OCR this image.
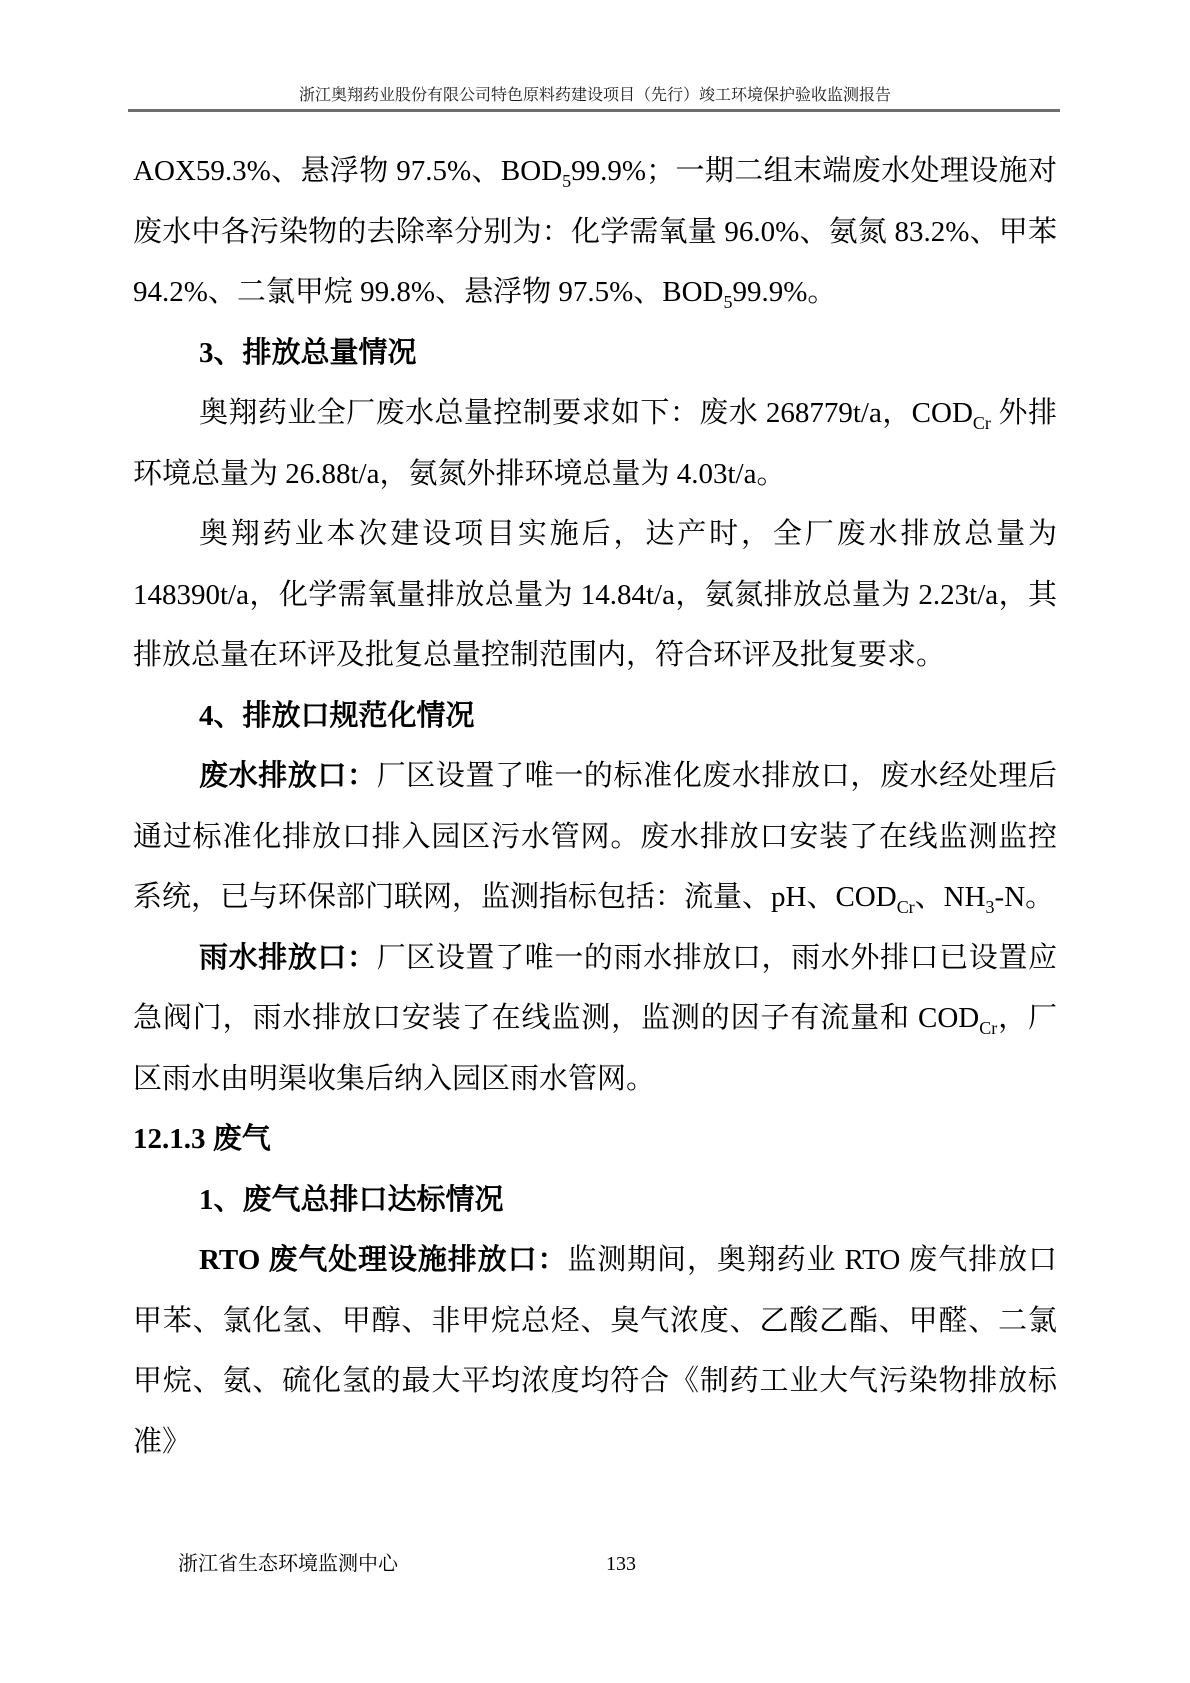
浙江奥翔药业股份有限公司特色原料药建设项目（先行）竣工环境保护验收监测报告

AOX59.3%、悬浮物 97.5%、$BOD_599.9\%$；一期二组末端废水处理设施对废水中各污染物的去除率分别为：化学需氧量 96.0%、氨氮 83.2%、甲苯94.2%、二氯甲烷 99.8%、悬浮物 97.5%、$BOD_599.9\%$。

3、排放总量情况

奥翔药业全厂废水总量控制要求如下：废水 268779t/a，$COD_{Cr}$ 外排环境总量为 26.88t/a，氨氮外排环境总量为 4.03t/a。

奥翔药业本次建设项目实施后，达产时，全厂废水排放总量为 148390t/a，化学需氧量排放总量为 14.84t/a，氨氮排放总量为 2.23t/a，其排放总量在环评及批复总量控制范围内，符合环评及批复要求。

4、排放口规范化情况

废水排放口：厂区设置了唯一的标准化废水排放口，废水经处理后通过标准化排放口排入园区污水管网。废水排放口安装了在线监测监控系统，已与环保部门联网，监测指标包括：流量、pH、$COD_{Cr}$、$NH_3-N$。

雨水排放口：厂区设置了唯一的雨水排放口，雨水外排口已设置应急阀门，雨水排放口安装了在线监测，监测的因子有流量和 $COD_{Cr}$，厂区雨水由明渠收集后纳入园区雨水管网。

12.1.3 废气

1、废气总排口达标情况

RTO 废气处理设施排放口：监测期间，奥翔药业 RTO 废气排放口甲苯、氯化氢、甲醇、非甲烷总烃、臭气浓度、乙酸乙酯、甲醛、二氯甲烷、氨、硫化氢的最大平均浓度均符合《制药工业大气污染物排放标准》

浙江省生态环境监测中心	133
